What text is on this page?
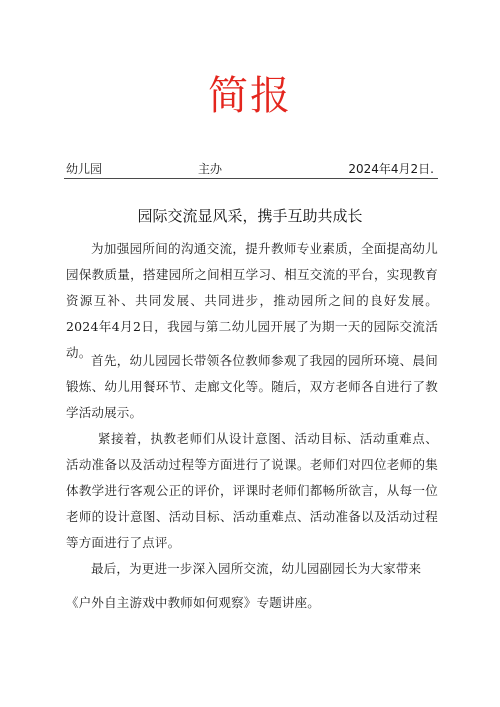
简报
幼儿园	主办	2024年4月2日.
园际交流显风采，携手互助共成长
为加强园所间的沟通交流，提升教师专业素质，全面提高幼儿园保教质量，搭建园所之间相互学习、相互交流的平台，实现教育资源互补、共同发展、共同进步，推动园所之间的良好发展。2024年4月2日，我园与第二幼儿园开展了为期一天的园际交流活动。
首先，幼儿园园长带领各位教师参观了我园的园所环境、晨间锻炼、幼儿用餐环节、走廊文化等。随后，双方老师各自进行了教学活动展示。
紧接着，执教老师们从设计意图、活动目标、活动重难点、活动准备以及活动过程等方面进行了说课。老师们对四位老师的集体教学进行客观公正的评价，评课时老师们都畅所欲言，从每一位老师的设计意图、活动目标、活动重难点、活动准备以及活动过程等方面进行了点评。
最后，为更进一步深入园所交流，幼儿园副园长为大家带来
《户外自主游戏中教师如何观察》专题讲座。
